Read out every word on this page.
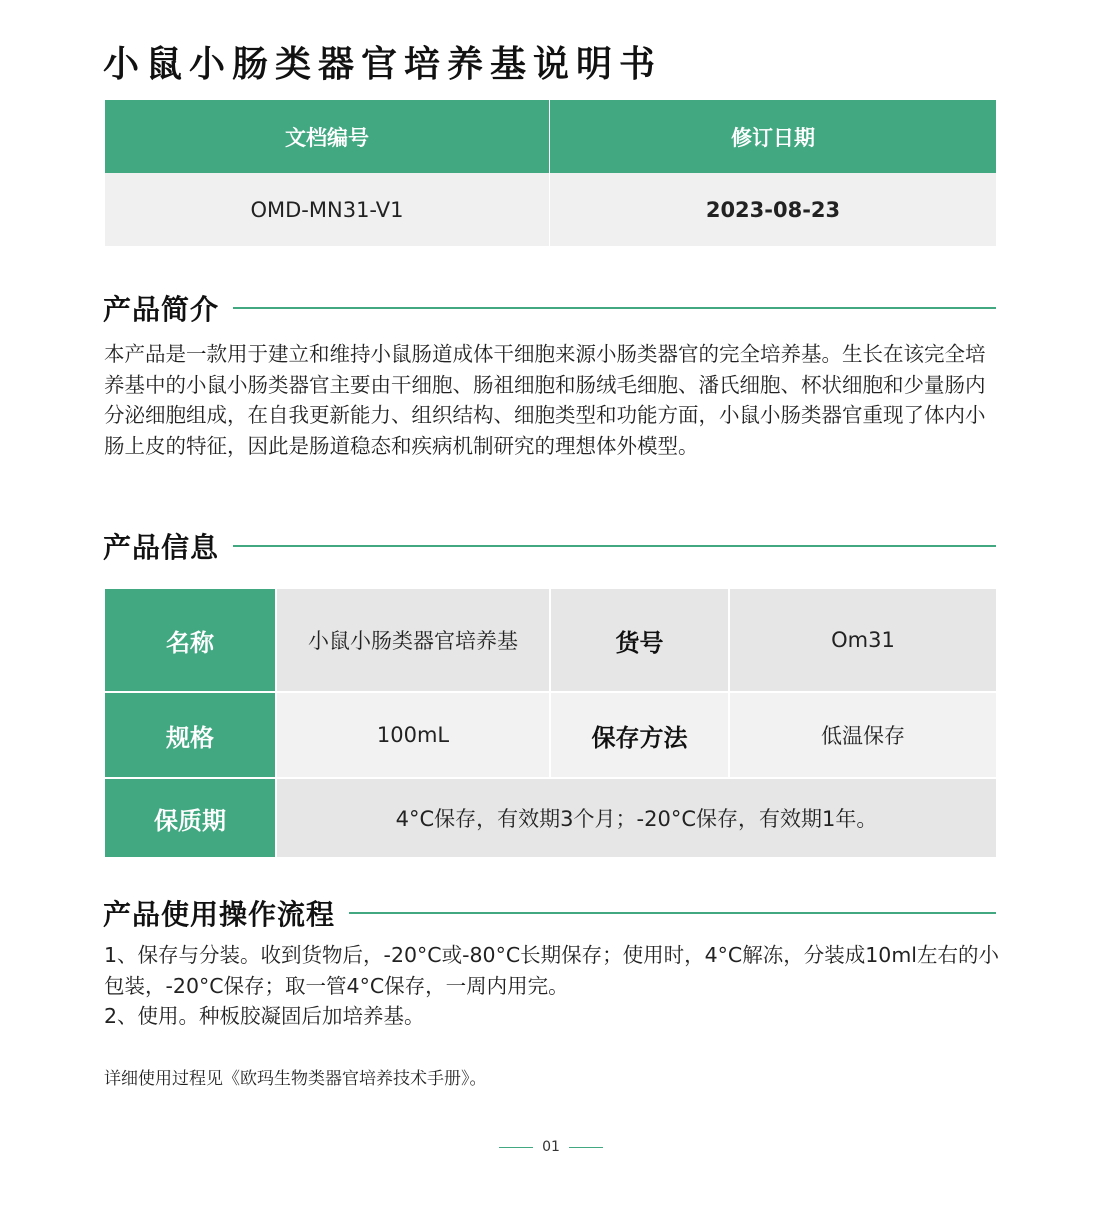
小鼠小肠类器官培养基说明书
文档编号	修订日期
OMD-MN31-V1	2023-08-23
产品简介

本产品是一款用于建立和维持小鼠肠道成体干细胞来源小肠类器官的完全培养基。生长在该完全培养基中的小鼠小肠类器官主要由干细胞、肠祖细胞和肠绒毛细胞、潘氏细胞、杯状细胞和少量肠内分泌细胞组成，在自我更新能力、组织结构、细胞类型和功能方面，小鼠小肠类器官重现了体内小肠上皮的特征，因此是肠道稳态和疾病机制研究的理想体外模型。

产品信息
名称	小鼠小肠类器官培养基	货号	Om31
规格	100mL	保存方法	低温保存
保质期	4°C保存，有效期3个月；-20°C保存，有效期1年。
产品使用操作流程

1、保存与分装。收到货物后，-20°C或-80°C长期保存；使用时，4°C解冻，分装成10ml左右的小包装，-20°C保存；取一管4°C保存，一周内用完。

2、使用。种板胶凝固后加培养基。

详细使用过程见《欧玛生物类器官培养技术手册》。
01
